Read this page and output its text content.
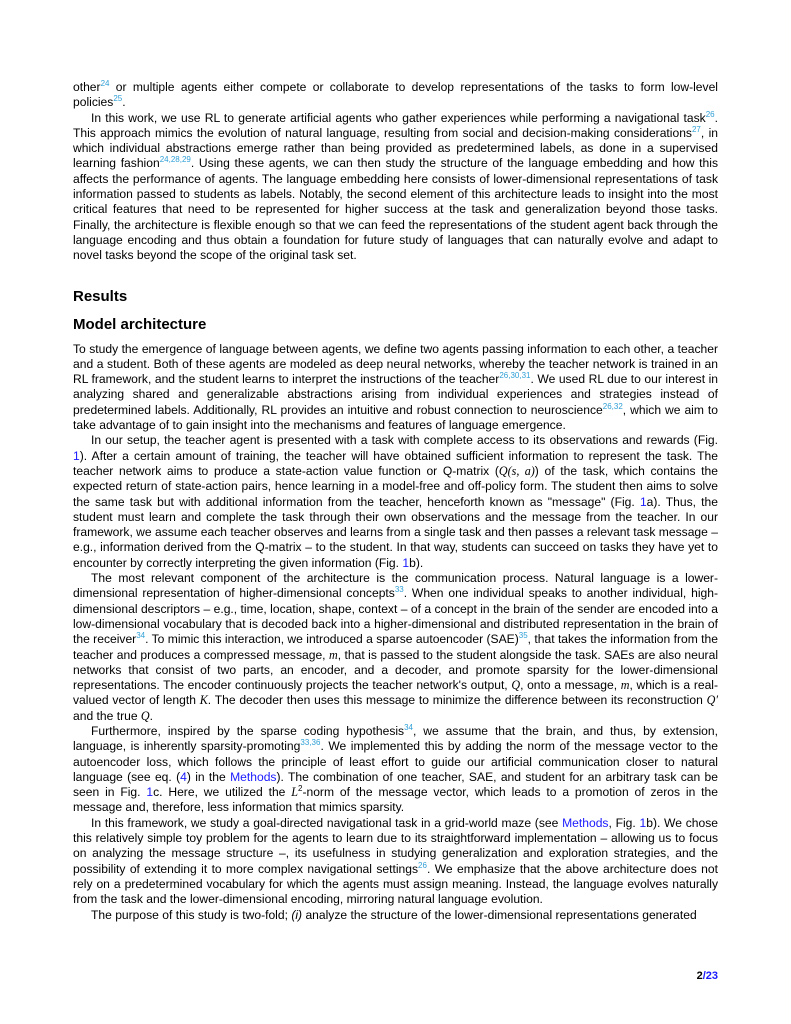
other$^{24}$ or multiple agents either compete or collaborate to develop representations of the tasks to form low-level policies$^{25}$.

In this work, we use RL to generate artificial agents who gather experiences while performing a navigational task$^{26}$. This approach mimics the evolution of natural language, resulting from social and decision-making considerations$^{27}$, in which individual abstractions emerge rather than being provided as predetermined labels, as done in a supervised learning fashion$^{24,28,29}$. Using these agents, we can then study the structure of the language embedding and how this affects the performance of agents. The language embedding here consists of lower-dimensional representations of task information passed to students as labels. Notably, the second element of this architecture leads to insight into the most critical features that need to be represented for higher success at the task and generalization beyond those tasks. Finally, the architecture is flexible enough so that we can feed the representations of the student agent back through the language encoding and thus obtain a foundation for future study of languages that can naturally evolve and adapt to novel tasks beyond the scope of the original task set.

Results
Model architecture

To study the emergence of language between agents, we define two agents passing information to each other, a teacher and a student. Both of these agents are modeled as deep neural networks, whereby the teacher network is trained in an RL framework, and the student learns to interpret the instructions of the teacher$^{26,30,31}$. We used RL due to our interest in analyzing shared and generalizable abstractions arising from individual experiences and strategies instead of predetermined labels. Additionally, RL provides an intuitive and robust connection to neuroscience$^{26,32}$, which we aim to take advantage of to gain insight into the mechanisms and features of language emergence.

In our setup, the teacher agent is presented with a task with complete access to its observations and rewards (Fig. 1). After a certain amount of training, the teacher will have obtained sufficient information to represent the task. The teacher network aims to produce a state-action value function or Q-matrix (Q(s, a)) of the task, which contains the expected return of state-action pairs, hence learning in a model-free and off-policy form. The student then aims to solve the same task but with additional information from the teacher, henceforth known as "message" (Fig. 1a). Thus, the student must learn and complete the task through their own observations and the message from the teacher. In our framework, we assume each teacher observes and learns from a single task and then passes a relevant task message – e.g., information derived from the Q-matrix – to the student. In that way, students can succeed on tasks they have yet to encounter by correctly interpreting the given information (Fig. 1b).

The most relevant component of the architecture is the communication process. Natural language is a lower-dimensional representation of higher-dimensional concepts$^{33}$. When one individual speaks to another individual, high-dimensional descriptors – e.g., time, location, shape, context – of a concept in the brain of the sender are encoded into a low-dimensional vocabulary that is decoded back into a higher-dimensional and distributed representation in the brain of the receiver$^{34}$. To mimic this interaction, we introduced a sparse autoencoder (SAE)$^{35}$, that takes the information from the teacher and produces a compressed message, m, that is passed to the student alongside the task. SAEs are also neural networks that consist of two parts, an encoder, and a decoder, and promote sparsity for the lower-dimensional representations. The encoder continuously projects the teacher network's output, Q, onto a message, m, which is a real-valued vector of length K. The decoder then uses this message to minimize the difference between its reconstruction Q′ and the true Q.

Furthermore, inspired by the sparse coding hypothesis$^{34}$, we assume that the brain, and thus, by extension, language, is inherently sparsity-promoting$^{33,36}$. We implemented this by adding the norm of the message vector to the autoencoder loss, which follows the principle of least effort to guide our artificial communication closer to natural language (see eq. (4) in the Methods). The combination of one teacher, SAE, and student for an arbitrary task can be seen in Fig. 1c. Here, we utilized the $L^2$-norm of the message vector, which leads to a promotion of zeros in the message and, therefore, less information that mimics sparsity.

In this framework, we study a goal-directed navigational task in a grid-world maze (see Methods, Fig. 1b). We chose this relatively simple toy problem for the agents to learn due to its straightforward implementation – allowing us to focus on analyzing the message structure –, its usefulness in studying generalization and exploration strategies, and the possibility of extending it to more complex navigational settings$^{26}$. We emphasize that the above architecture does not rely on a predetermined vocabulary for which the agents must assign meaning. Instead, the language evolves naturally from the task and the lower-dimensional encoding, mirroring natural language evolution.

The purpose of this study is two-fold; (i) analyze the structure of the lower-dimensional representations generated

2/23
